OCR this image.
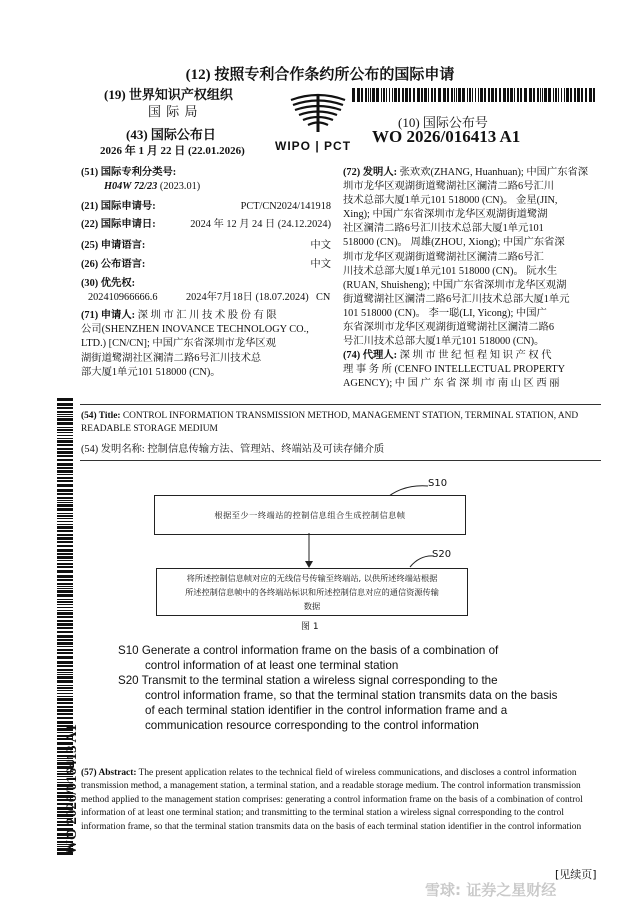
(12) 按照专利合作条约所公布的国际申请
(19) 世界知识产权组织
国 际 局
(43) 国际公布日
2026 年 1 月 22 日 (22.01.2026)	WIPO | PCT
(10) 国际公布号
WO 2026/016413 A1
WO 2026/016413 A1
(51) 国际专利分类号:
H04W 72/23 (2023.01)
(21) 国际申请号:	PCT/CN2024/141918
(22) 国际申请日:	2024 年 12 月 24 日 (24.12.2024)
(25) 申请语言:	中文
(26) 公布语言:	中文
(30) 优先权:
202410966666.6	2024年7月18日 (18.07.2024) CN
(71) 申请人: 深 圳 市 汇 川 技 术 股 份 有 限
公司(SHENZHEN INOVANCE TECHNOLOGY CO.,
LTD.) [CN/CN]; 中国广东省深圳市龙华区观
湖街道鹭湖社区澜清二路6号汇川技术总
部大厦1单元101 518000 (CN)。
(72) 发明人: 张欢欢(ZHANG, Huanhuan); 中国广东省深
圳市龙华区观湖街道鹭湖社区澜清二路6号汇川
技术总部大厦1单元101 518000 (CN)。 金星(JIN,
Xing); 中国广东省深圳市龙华区观湖街道鹭湖
社区澜清二路6号汇川技术总部大厦1单元101
518000 (CN)。 周雄(ZHOU, Xiong); 中国广东省深
圳市龙华区观湖街道鹭湖社区澜清二路6号汇
川技术总部大厦1单元101 518000 (CN)。 阮水生
(RUAN, Shuisheng); 中国广东省深圳市龙华区观湖
街道鹭湖社区澜清二路6号汇川技术总部大厦1单元
101 518000 (CN)。 李一聪(LI, Yicong); 中国广
东省深圳市龙华区观湖街道鹭湖社区澜清二路6
号汇川技术总部大厦1单元101 518000 (CN)。
(74) 代理人: 深 圳 市 世 纪 恒 程 知 识 产 权 代
理 事 务 所 (CENFO INTELLECTUAL PROPERTY
AGENCY); 中 国 广 东 省 深 圳 市 南 山 区 西 丽
(54) Title: CONTROL INFORMATION TRANSMISSION METHOD, MANAGEMENT STATION, TERMINAL STATION, AND
READABLE STORAGE MEDIUM
(54) 发明名称: 控制信息传输方法、管理站、终端站及可读存储介质
S10
根据至少一终端站的控制信息组合生成控制信息帧
S20
将所述控制信息帧对应的无线信号传输至终端站, 以供所述终端站根据
所述控制信息帧中的各终端站标识和所述控制信息对应的通信资源传输
数据
图 1
S10 Generate a control information frame on the basis of a combination of
control information of at least one terminal station
S20 Transmit to the terminal station a wireless signal corresponding to the
control information frame, so that the terminal station transmits data on the basis
of each terminal station identifier in the control information frame and a
communication resource corresponding to the control information
(57) Abstract: The present application relates to the technical field of wireless communications, and discloses a control information
transmission method, a management station, a terminal station, and a readable storage medium. The control information transmission
method applied to the management station comprises: generating a control information frame on the basis of a combination of control
information of at least one terminal station; and transmitting to the terminal station a wireless signal corresponding to the control
information frame, so that the terminal station transmits data on the basis of each terminal station identifier in the control information
[见续页]
雪球: 证券之星财经
